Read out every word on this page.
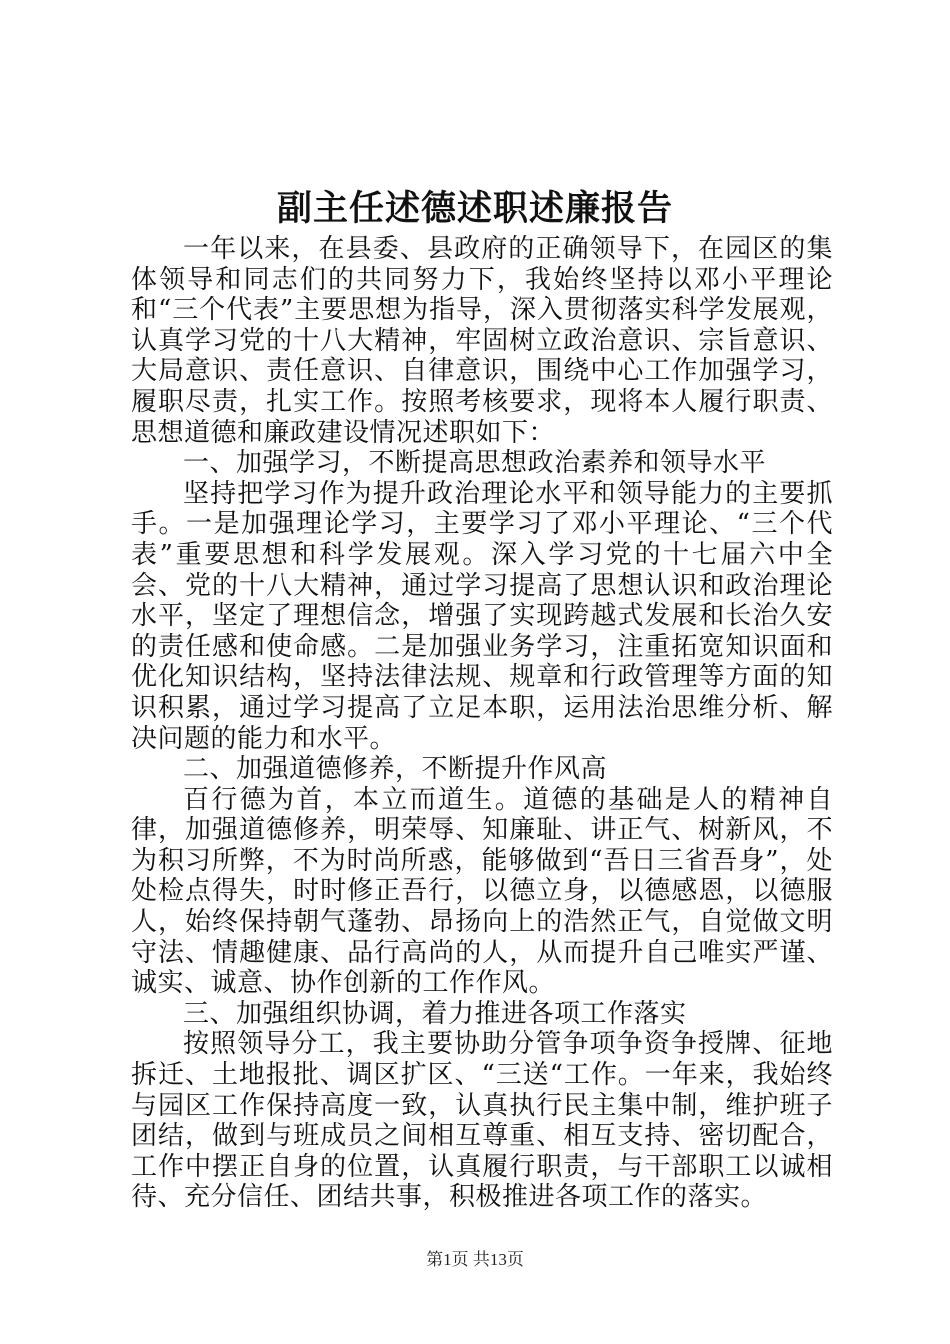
副主任述德述职述廉报告

一年以来，在县委、县政府的正确领导下，在园区的集体领导和同志们的共同努力下，我始终坚持以邓小平理论和“三个代表”主要思想为指导，深入贯彻落实科学发展观，认真学习党的十八大精神，牢固树立政治意识、宗旨意识、大局意识、责任意识、自律意识，围绕中心工作加强学习，履职尽责，扎实工作。按照考核要求，现将本人履行职责、思想道德和廉政建设情况述职如下：

一、加强学习，不断提高思想政治素养和领导水平

坚持把学习作为提升政治理论水平和领导能力的主要抓手。一是加强理论学习，主要学习了邓小平理论、“三个代表”重要思想和科学发展观。深入学习党的十七届六中全会、党的十八大精神，通过学习提高了思想认识和政治理论水平，坚定了理想信念，增强了实现跨越式发展和长治久安的责任感和使命感。二是加强业务学习，注重拓宽知识面和优化知识结构，坚持法律法规、规章和行政管理等方面的知识积累，通过学习提高了立足本职，运用法治思维分析、解决问题的能力和水平。

二、加强道德修养，不断提升作风高

百行德为首，本立而道生。道德的基础是人的精神自律，加强道德修养，明荣辱、知廉耻、讲正气、树新风，不为积习所弊，不为时尚所惑，能够做到“吾日三省吾身”，处处检点得失，时时修正吾行，以德立身，以德感恩，以德服人，始终保持朝气蓬勃、昂扬向上的浩然正气，自觉做文明守法、情趣健康、品行高尚的人，从而提升自己唯实严谨、诚实、诚意、协作创新的工作作风。

三、加强组织协调，着力推进各项工作落实

按照领导分工，我主要协助分管争项争资争授牌、征地拆迁、土地报批、调区扩区、“三送“工作。一年来，我始终与园区工作保持高度一致，认真执行民主集中制，维护班子团结，做到与班成员之间相互尊重、相互支持、密切配合，工作中摆正自身的位置，认真履行职责，与干部职工以诚相待、充分信任、团结共事，积极推进各项工作的落实。

第1页 共13页
